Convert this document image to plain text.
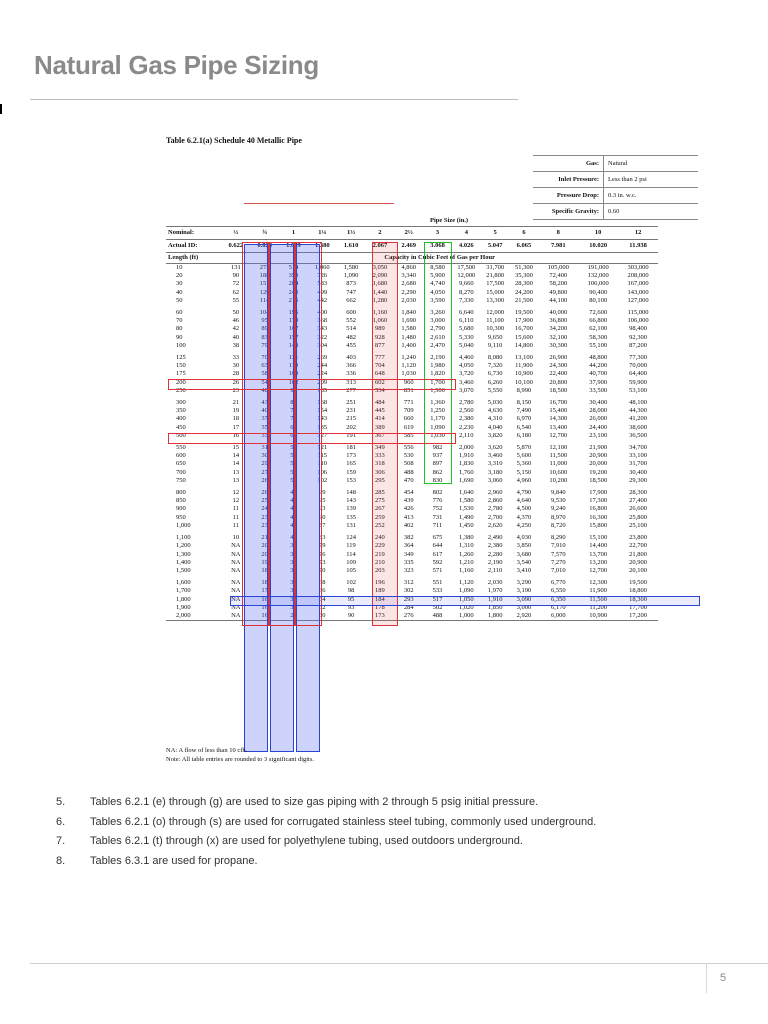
Natural Gas Pipe Sizing
Table 6.2.1(a) Schedule 40 Metallic Pipe
Gas:	Natural
Inlet Pressure:	Less than 2 psi
Pressure Drop:	0.3 in. w.c.
Specific Gravity:	0.60
Pipe Size (in.)
Nominal:	½	¾	1	1¼	1½	2	2½	3	4	5	6	8	10	12
Actual ID:	0.622	0.824	1.049	1.380	1.610	2.067	2.469	3.068	4.026	5.047	6.065	7.981	10.020	11.938
Length (ft)	Capacity in Cubic Feet of Gas per Hour													
10	131	273	514	1,060	1,580	3,050	4,860	8,580	17,500	31,700	51,300	105,000	191,000	303,000
20	90	188	353	726	1,090	2,090	3,340	5,900	12,000	21,800	35,300	72,400	132,000	208,000
30	72	151	284	583	873	1,680	2,680	4,740	9,660	17,500	28,300	58,200	106,000	167,000
40	62	129	243	499	747	1,440	2,290	4,050	8,270	15,000	24,200	49,800	90,400	143,000
50	55	114	215	442	662	1,280	2,030	3,590	7,330	13,300	21,500	44,100	80,100	127,000

60	50	104	195	400	600	1,160	1,840	3,260	6,640	12,000	19,500	40,000	72,600	115,000
70	46	95	179	368	552	1,060	1,690	3,000	6,110	11,100	17,900	36,800	66,800	106,000
80	42	89	167	343	514	989	1,580	2,790	5,680	10,300	16,700	34,200	62,100	98,400
90	40	83	157	322	482	928	1,480	2,610	5,330	9,650	15,600	32,100	58,300	92,300
100	38	79	148	304	455	877	1,400	2,470	5,040	9,110	14,800	30,300	55,100	87,200

125	33	70	131	269	403	777	1,240	2,190	4,460	8,080	13,100	26,900	48,800	77,300
150	30	63	119	244	366	704	1,120	1,980	4,050	7,320	11,900	24,300	44,200	70,000
175	28	58	109	224	336	648	1,030	1,820	3,720	6,730	10,900	22,400	40,700	64,400
200	26	54	102	209	313	602	960	1,700	3,460	6,260	10,100	20,800	37,900	59,900
250	23	48	90	185	277	534	851	1,500	3,070	5,550	8,990	18,500	33,500	53,100

300	21	43	82	168	251	484	771	1,360	2,780	5,030	8,150	16,700	30,400	48,100
350	19	40	75	154	231	445	709	1,250	2,560	4,630	7,490	15,400	28,000	44,300
400	18	37	70	143	215	414	660	1,170	2,380	4,310	6,970	14,300	26,000	41,200
450	17	35	66	135	202	389	619	1,090	2,230	4,040	6,540	13,400	24,400	38,600
500	16	33	62	127	191	367	585	1,030	2,110	3,820	6,180	12,700	23,100	36,500

550	15	31	59	121	181	349	556	982	2,000	3,620	5,870	12,100	21,900	34,700
600	14	30	56	115	173	333	530	937	1,910	3,460	5,600	11,500	20,900	33,100
650	14	29	54	110	165	318	508	897	1,830	3,310	5,360	11,000	20,000	31,700
700	13	27	52	106	159	306	488	862	1,760	3,180	5,150	10,600	19,200	30,400
750	13	26	50	102	153	295	470	830	1,690	3,060	4,960	10,200	18,500	29,300

800	12	26	48	99	148	285	454	802	1,640	2,960	4,790	9,840	17,900	28,300
850	12	25	46	95	143	275	439	776	1,580	2,860	4,640	9,530	17,300	27,400
900	11	24	45	93	139	267	426	752	1,530	2,780	4,500	9,240	16,800	26,600
950	11	23	44	90	135	259	413	731	1,490	2,700	4,370	8,970	16,300	25,800
1,000	11	23	43	87	131	252	402	711	1,450	2,620	4,250	8,720	15,800	25,100

1,100	10	21	40	83	124	240	382	675	1,380	2,490	4,030	8,290	15,100	23,800
1,200	NA	20	39	79	119	229	364	644	1,310	2,380	3,850	7,910	14,400	22,700
1,300	NA	20	37	76	114	219	349	617	1,260	2,280	3,680	7,570	13,700	21,800
1,400	NA	19	35	73	109	210	335	592	1,210	2,190	3,540	7,270	13,200	20,900
1,500	NA	18	34	70	105	203	323	571	1,160	2,110	3,410	7,010	12,700	20,100

1,600	NA	18	33	68	102	196	312	551	1,120	2,030	3,290	6,770	12,300	19,500
1,700	NA	17	32	66	98	189	302	533	1,090	1,970	3,190	6,550	11,900	18,800
1,800	NA	16	31	64	95	184	293	517	1,050	1,910	3,090	6,350	11,500	18,300
1,900	NA	16	30	62	93	178	284	502	1,020	1,850	3,000	6,170	11,200	17,700
2,000	NA	16	29	60	90	173	276	488	1,000	1,800	2,920	6,000	10,900	17,200
NA: A flow of less than 10 cfh.
Note: All table entries are rounded to 3 significant digits.
5.	Tables 6.2.1 (e) through (g) are used to size gas piping with 2 through 5 psig initial pressure.
6.	Tables 6.2.1 (o) through (s) are used for corrugated stainless steel tubing, commonly used underground.
7.	Tables 6.2.1 (t) through (x) are used for polyethylene tubing, used outdoors underground.
8.	Tables 6.3.1 are used for propane.
5
